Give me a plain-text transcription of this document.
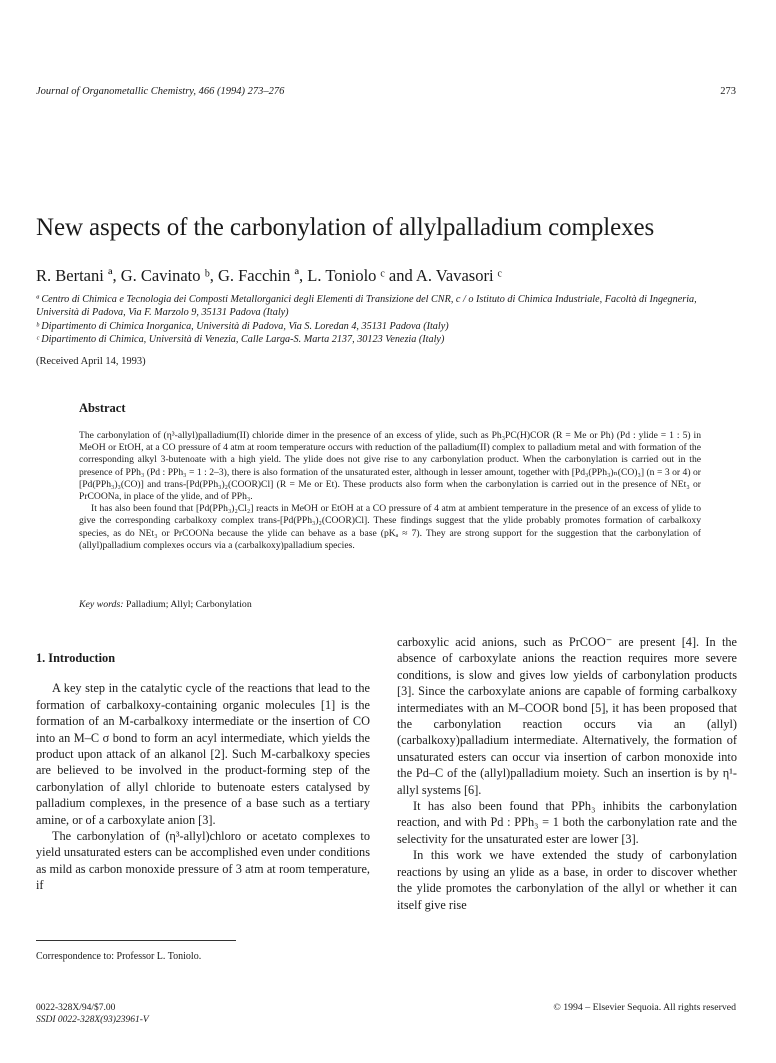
Journal of Organometallic Chemistry, 466 (1994) 273–276	273
New aspects of the carbonylation of allylpalladium complexes
R. Bertani ª, G. Cavinato ᵇ, G. Facchin ª, L. Toniolo ᶜ and A. Vavasori ᶜ

ª Centro di Chimica e Tecnologia dei Composti Metallorganici degli Elementi di Transizione del CNR, c / o Istituto di Chimica Industriale, Facoltà di Ingegneria, Università di Padova, Via F. Marzolo 9, 35131 Padova (Italy)

ᵇ Dipartimento di Chimica Inorganica, Università di Padova, Via S. Loredan 4, 35131 Padova (Italy)

ᶜ Dipartimento di Chimica, Università di Venezia, Calle Larga-S. Marta 2137, 30123 Venezia (Italy)

(Received April 14, 1993)
Abstract

The carbonylation of (η³-allyl)palladium(II) chloride dimer in the presence of an excess of ylide, such as Ph₃PC(H)COR (R = Me or Ph) (Pd : ylide = 1 : 5) in MeOH or EtOH, at a CO pressure of 4 atm at room temperature occurs with reduction of the palladium(II) complex to palladium metal and with formation of the corresponding alkyl 3-butenoate with a high yield. The ylide does not give rise to any carbonylation product. When the carbonylation is carried out in the presence of PPh₃ (Pd : PPh₃ = 1 : 2–3), there is also formation of the unsaturated ester, although in lesser amount, together with [Pd₃(PPh₃)ₙ(CO)₃] (n = 3 or 4) or [Pd(PPh₃)₃(CO)] and trans-[Pd(PPh₃)₂(COOR)Cl] (R = Me or Et). These products also form when the carbonylation is carried out in the presence of NEt₃ or PrCOONa, in place of the ylide, and of PPh₃.

It has also been found that [Pd(PPh₃)₂Cl₂] reacts in MeOH or EtOH at a CO pressure of 4 atm at ambient temperature in the presence of an excess of ylide to give the corresponding carbalkoxy complex trans-[Pd(PPh₃)₂(COOR)Cl]. These findings suggest that the ylide probably promotes formation of carbalkoxy species, as do NEt₃ or PrCOONa because the ylide can behave as a base (pKₐ ≈ 7). They are strong support for the suggestion that the carbonylation of (allyl)palladium complexes occurs via a (carbalkoxy)palladium species.

Key words: Palladium; Allyl; Carbonylation
1. Introduction

A key step in the catalytic cycle of the reactions that lead to the formation of carbalkoxy-containing organic molecules [1] is the formation of an M-carbalkoxy intermediate or the insertion of CO into an M–C σ bond to form an acyl intermediate, which yields the product upon attack of an alkanol [2]. Such M-carbalkoxy species are believed to be involved in the product-forming step of the carbonylation of allyl chloride to butenoate esters catalysed by palladium complexes, in the presence of a base such as a tertiary amine, or of a carboxylate anion [3].

The carbonylation of (η³-allyl)chloro or acetato complexes to yield unsaturated esters can be accomplished even under conditions as mild as carbon monoxide pressure of 3 atm at room temperature, if

carboxylic acid anions, such as PrCOO⁻ are present [4]. In the absence of carboxylate anions the reaction requires more severe conditions, is slow and gives low yields of carbonylation products [3]. Since the carboxylate anions are capable of forming carbalkoxy intermediates with an M–COOR bond [5], it has been proposed that the carbonylation reaction occurs via an (allyl)(carbalkoxy)palladium intermediate. Alternatively, the formation of unsaturated esters can occur via insertion of carbon monoxide into the Pd–C of the (allyl)palladium moiety. Such an insertion is by η¹-allyl systems [6].

It has also been found that PPh₃ inhibits the carbonylation reaction, and with Pd : PPh₃ = 1 both the carbonylation rate and the selectivity for the unsaturated ester are lower [3].

In this work we have extended the study of carbonylation reactions by using an ylide as a base, in order to discover whether the ylide promotes the carbonylation of the allyl or whether it can itself give rise

Correspondence to: Professor L. Toniolo.
0022-328X/94/$7.00
SSDI 0022-328X(93)23961-V
© 1994 – Elsevier Sequoia. All rights reserved
